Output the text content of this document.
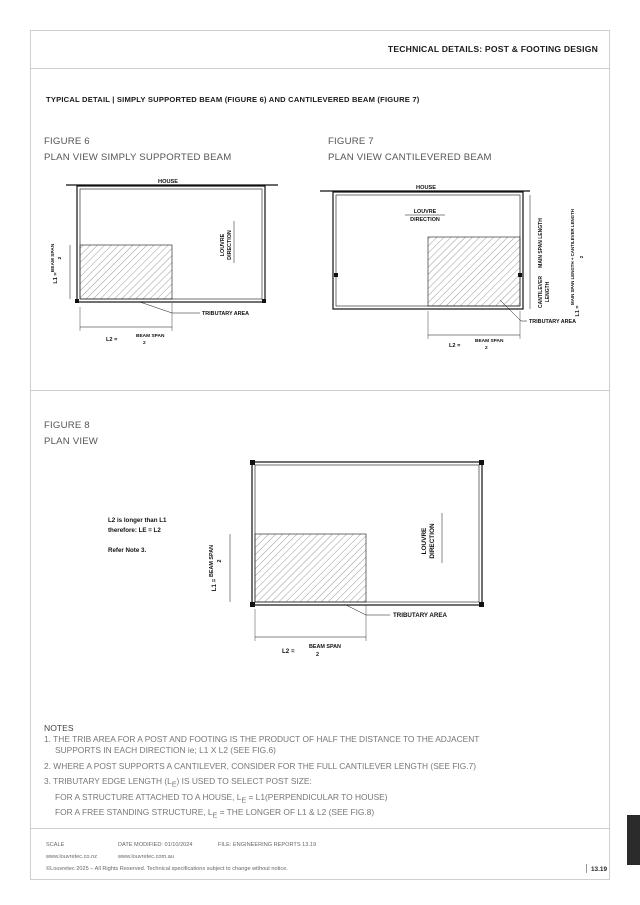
TECHNICAL DETAILS: POST & FOOTING DESIGN
TYPICAL DETAIL | SIMPLY SUPPORTED BEAM (FIGURE 6) AND CANTILEVERED BEAM (FIGURE 7)
FIGURE 6
PLAN VIEW SIMPLY SUPPORTED BEAM
HOUSE
LOUVRE DIRECTION
L1 =
BEAM SPAN 2
L2 =
BEAM SPAN
2
TRIBUTARY AREA
FIGURE 7
PLAN VIEW CANTILEVERED BEAM
HOUSE
LOUVRE
DIRECTION	MAIN SPAN LENGTH
CANTILEVER LENGTH
L1 =
MAIN SPAN LENGTH + CANTILEVER LENGTH 2
L2 =
BEAM SPAN
2
TRIBUTARY AREA
FIGURE 8
PLAN VIEW
L2 is longer than L1
therefore: LE = L2
Refer Note 3.	LOUVRE DIRECTION
L1 =
BEAM SPAN 2
L2 =
BEAM SPAN
2
TRIBUTARY AREA
NOTES
1. THE TRIB AREA FOR A POST AND FOOTING IS THE PRODUCT OF HALF THE DISTANCE TO THE ADJACENT
SUPPORTS IN EACH DIRECTION ie; L1 X L2 (SEE FIG.6)
2. WHERE A POST SUPPORTS A CANTILEVER, CONSIDER FOR THE FULL CANTILEVER LENGTH (SEE FIG.7)
3. TRIBUTARY EDGE LENGTH $(L_E)$ IS USED TO SELECT POST SIZE:
FOR A STRUCTURE ATTACHED TO A HOUSE, $L_E$ = L1(PERPENDICULAR TO HOUSE)
FOR A FREE STANDING STRUCTURE, $L_E$ = THE LONGER OF L1 & L2 (SEE FIG.8)
SCALE	DATE MODIFIED: 01/10/2024	FILE: ENGINEERING REPORTS 13.19
www.louvretec.co.nz	www.louvretec.com.au
©Louvretec 2025 – All Rights Reserved. Technical specifications subject to change without notice.	13.19
